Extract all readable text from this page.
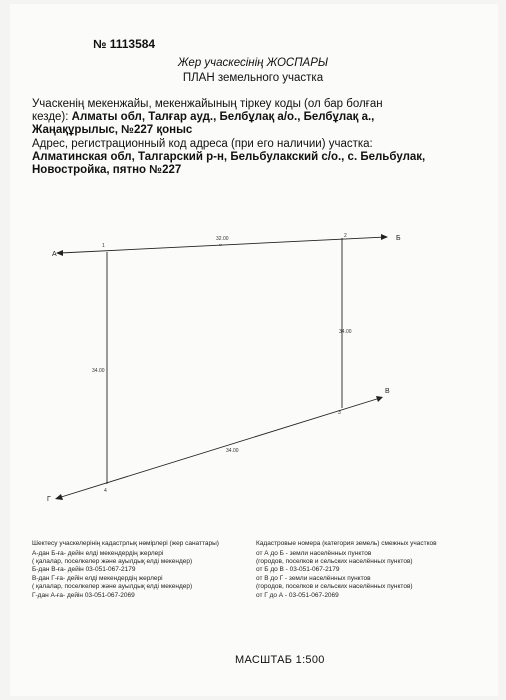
№ 1113584
Жер учаскесінің ЖОСПАРЫ
ПЛАН земельного участка
Учаскенің мекенжайы, мекенжайының тіркеу коды (ол бар болған
кезде): Алматы обл, Талғар ауд., Белбұлақ а/о., Белбұлақ а.,
Жаңақұрылыс, №227 қоныс
Адрес, регистрационный код адреса (при его наличии) участка:
Алматинская обл, Талгарский р-н, Бельбулакский с/о., с. Бельбулак,
Новостройка, пятно №227
А
Б
В
Г
1
2
3
4
32.00
м
34.00
34.00
34.00
Шектесу учаскелерінің кадастрлық нөмірлері (жер санаттары)
А-дан Б-ға- дейін елді мекендердің жерлері
( қалалар, поселкелер және ауылдық елді мекендер)
Б-дан В-ға- дейін 03-051-067-2179
В-дан Г-ға- дейін елді мекендердің жерлері
( қалалар, поселкелер және ауылдық елді мекендер)
Г-дан А-ға- дейін 03-051-067-2069
Кадастровые номера (категория земель) смежных участков
от А до Б - земли населённых пунктов
(городов, поселков и сельских населённых пунктов)
от Б до В - 03-051-067-2179
от В до Г - земли населённых пунктов
(городов, поселков и сельских населённых пунктов)
от Г до А - 03-051-067-2069
МАСШТАБ 1:500
